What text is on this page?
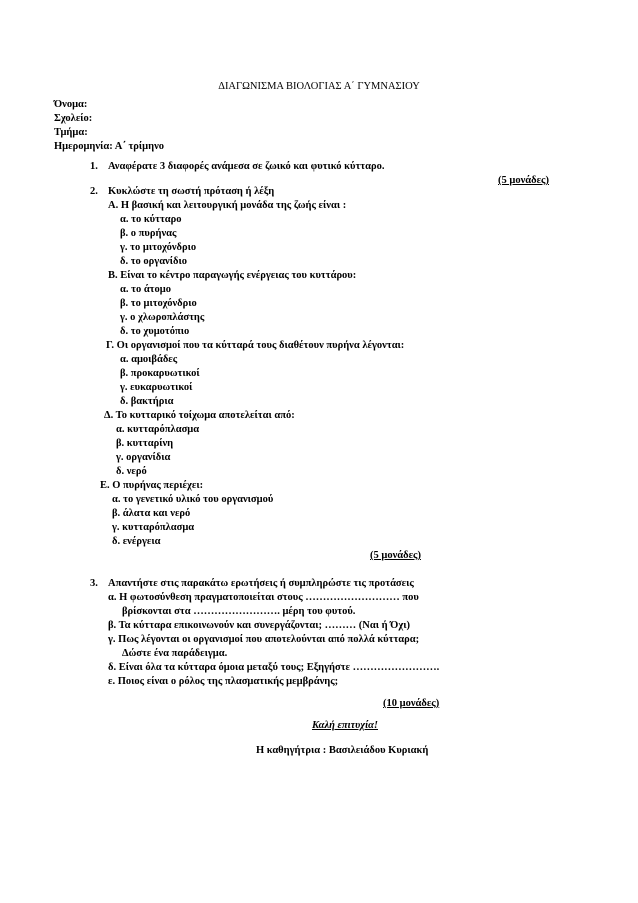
ΔΙΑΓΩΝΙΣΜΑ ΒΙΟΛΟΓΙΑΣ Α΄ ΓΥΜΝΑΣΙΟΥ
Όνομα:
Σχολείο:
Τμήμα:
Ημερομηνία: Α΄ τρίμηνο
1. Αναφέρατε 3 διαφορές ανάμεσα σε ζωικό και φυτικό κύτταρο.
(5 μονάδες)
2. Κυκλώστε τη σωστή πρόταση ή λέξη
Α. Η βασική και λειτουργική μονάδα της ζωής είναι :
α. το κύτταρο
β. ο πυρήνας
γ. το μιτοχόνδριο
δ. το οργανίδιο
Β. Είναι το κέντρο παραγωγής ενέργειας του κυττάρου:
α. το άτομο
β. το μιτοχόνδριο
γ. ο χλωροπλάστης
δ. το χυμοτόπιο
Γ. Οι οργανισμοί που τα κύτταρά τους διαθέτουν πυρήνα λέγονται:
α. αμοιβάδες
β. προκαρυωτικοί
γ. ευκαρυωτικοί
δ. βακτήρια
Δ. Το κυτταρικό τοίχωμα αποτελείται από:
α. κυτταρόπλασμα
β. κυτταρίνη
γ. οργανίδια
δ. νερό
Ε. Ο πυρήνας περιέχει:
α. το γενετικό υλικό του οργανισμού
β. άλατα και νερό
γ. κυτταρόπλασμα
δ. ενέργεια
(5 μονάδες)
3. Απαντήστε στις παρακάτω ερωτήσεις ή συμπληρώστε τις προτάσεις
α. Η φωτοσύνθεση πραγματοποιείται στους ……………………… που
βρίσκονται στα ……………………. μέρη του φυτού.
β. Τα κύτταρα επικοινωνούν και συνεργάζονται; ……… (Ναι ή Όχι)
γ. Πως λέγονται οι οργανισμοί που αποτελούνται από πολλά κύτταρα;
Δώστε ένα παράδειγμα.
δ. Είναι όλα τα κύτταρα όμοια μεταξύ τους; Εξηγήστε …………………….
ε. Ποιος είναι ο ρόλος της πλασματικής μεμβράνης;
(10 μονάδες)
Καλή επιτυχία!
Η καθηγήτρια : Βασιλειάδου Κυριακή
